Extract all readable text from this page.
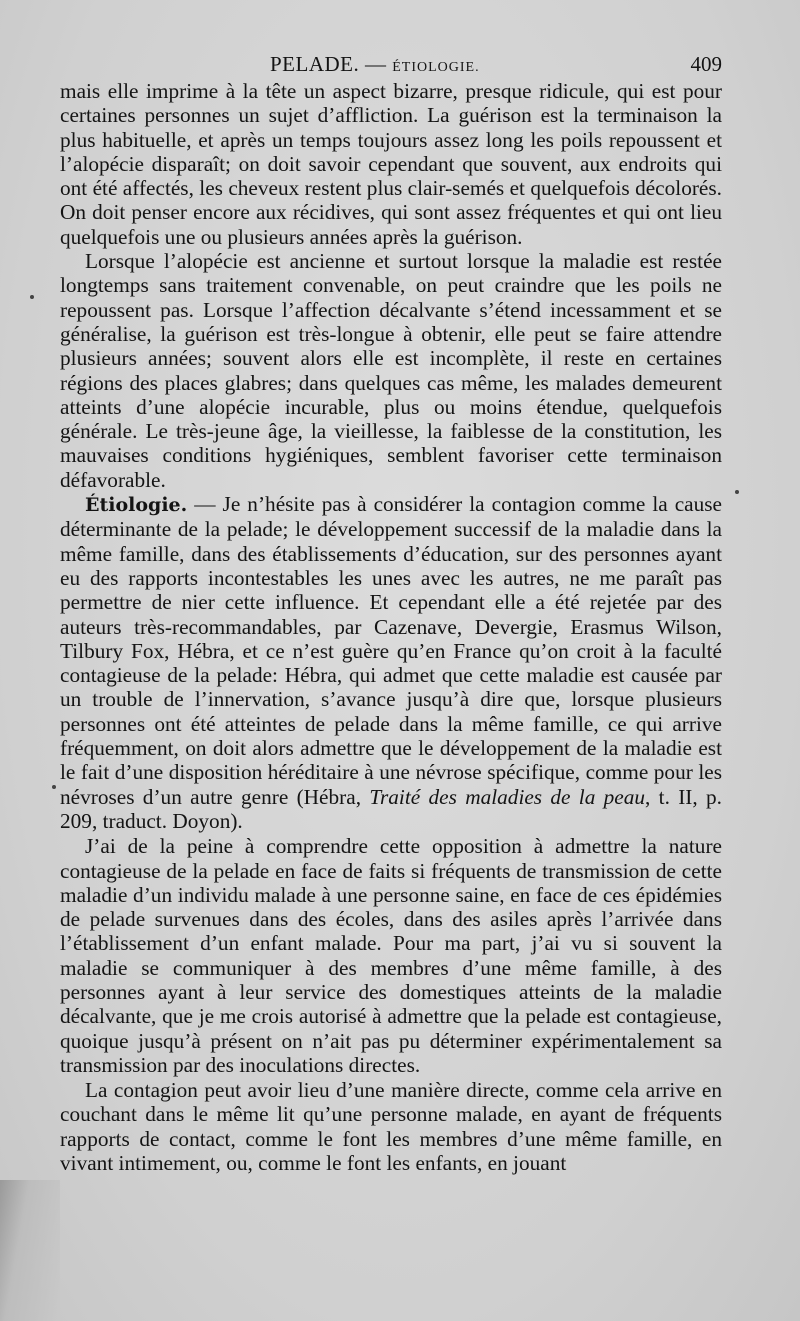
PELADE. — ÉTIOLOGIE.	409

mais elle imprime à la tête un aspect bizarre, presque ridicule, qui est pour certaines personnes un sujet d’affliction. La guérison est la terminaison la plus habituelle, et après un temps toujours assez long les poils repoussent et l’alopécie disparaît; on doit savoir cependant que souvent, aux endroits qui ont été affectés, les cheveux restent plus clair-semés et quelquefois décolorés. On doit penser encore aux récidives, qui sont assez fréquentes et qui ont lieu quelquefois une ou plusieurs années après la guérison.

Lorsque l’alopécie est ancienne et surtout lorsque la maladie est restée longtemps sans traitement convenable, on peut craindre que les poils ne repoussent pas. Lorsque l’affection décalvante s’étend incessamment et se généralise, la guérison est très-longue à obtenir, elle peut se faire attendre plusieurs années; souvent alors elle est incomplète, il reste en certaines régions des places glabres; dans quelques cas même, les malades demeurent atteints d’une alopécie incurable, plus ou moins étendue, quelquefois générale. Le très-jeune âge, la vieillesse, la faiblesse de la constitution, les mauvaises conditions hygiéniques, semblent favoriser cette terminaison défavorable.

Étiologie. — Je n’hésite pas à considérer la contagion comme la cause déterminante de la pelade; le développement successif de la maladie dans la même famille, dans des établissements d’éducation, sur des personnes ayant eu des rapports incontestables les unes avec les autres, ne me paraît pas permettre de nier cette influence. Et cependant elle a été rejetée par des auteurs très-recommandables, par Cazenave, Devergie, Erasmus Wilson, Tilbury Fox, Hébra, et ce n’est guère qu’en France qu’on croit à la faculté contagieuse de la pelade: Hébra, qui admet que cette maladie est causée par un trouble de l’innervation, s’avance jusqu’à dire que, lorsque plusieurs personnes ont été atteintes de pelade dans la même famille, ce qui arrive fréquemment, on doit alors admettre que le développement de la maladie est le fait d’une disposition héréditaire à une névrose spécifique, comme pour les névroses d’un autre genre (Hébra, Traité des maladies de la peau, t. II, p. 209, traduct. Doyon).

J’ai de la peine à comprendre cette opposition à admettre la nature contagieuse de la pelade en face de faits si fréquents de transmission de cette maladie d’un individu malade à une personne saine, en face de ces épidémies de pelade survenues dans des écoles, dans des asiles après l’arrivée dans l’établissement d’un enfant malade. Pour ma part, j’ai vu si souvent la maladie se communiquer à des membres d’une même famille, à des personnes ayant à leur service des domestiques atteints de la maladie décalvante, que je me crois autorisé à admettre que la pelade est contagieuse, quoique jusqu’à présent on n’ait pas pu déterminer expérimentalement sa transmission par des inoculations directes.

La contagion peut avoir lieu d’une manière directe, comme cela arrive en couchant dans le même lit qu’une personne malade, en ayant de fréquents rapports de contact, comme le font les membres d’une même famille, en vivant intimement, ou, comme le font les enfants, en jouant
